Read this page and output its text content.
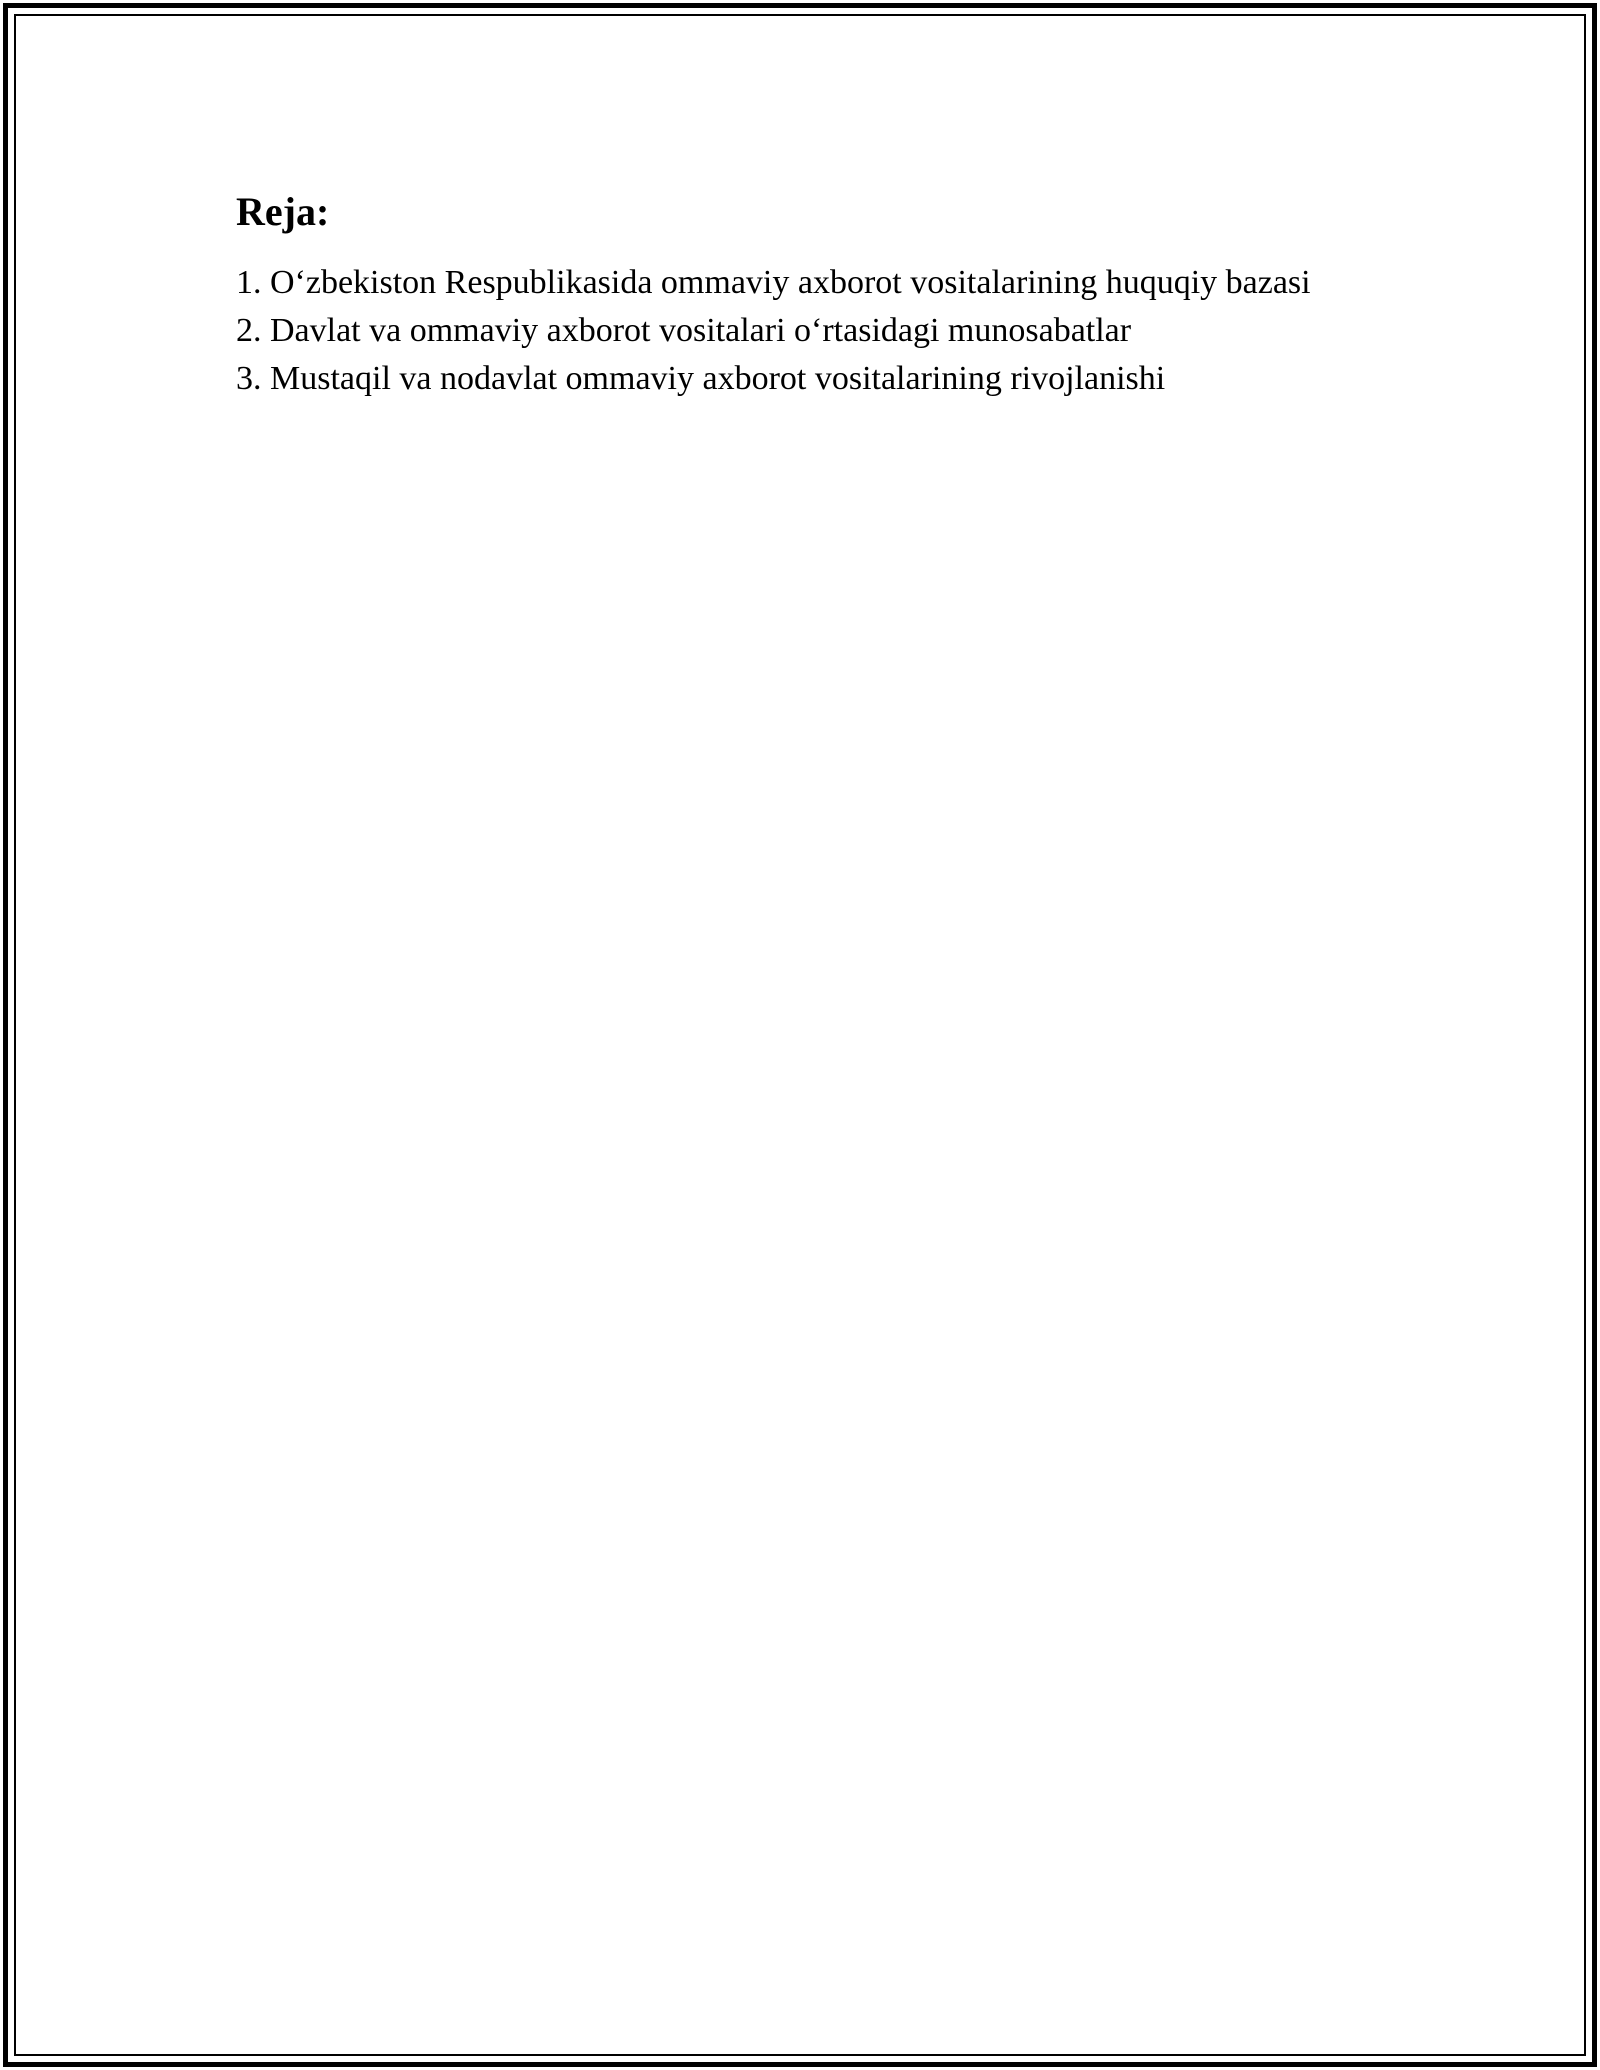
Reja:
1. O‘zbekiston Respublikasida ommaviy axborot vositalarining huquqiy bazasi
2. Davlat va ommaviy axborot vositalari o‘rtasidagi munosabatlar
3. Mustaqil va nodavlat ommaviy axborot vositalarining rivojlanishi
